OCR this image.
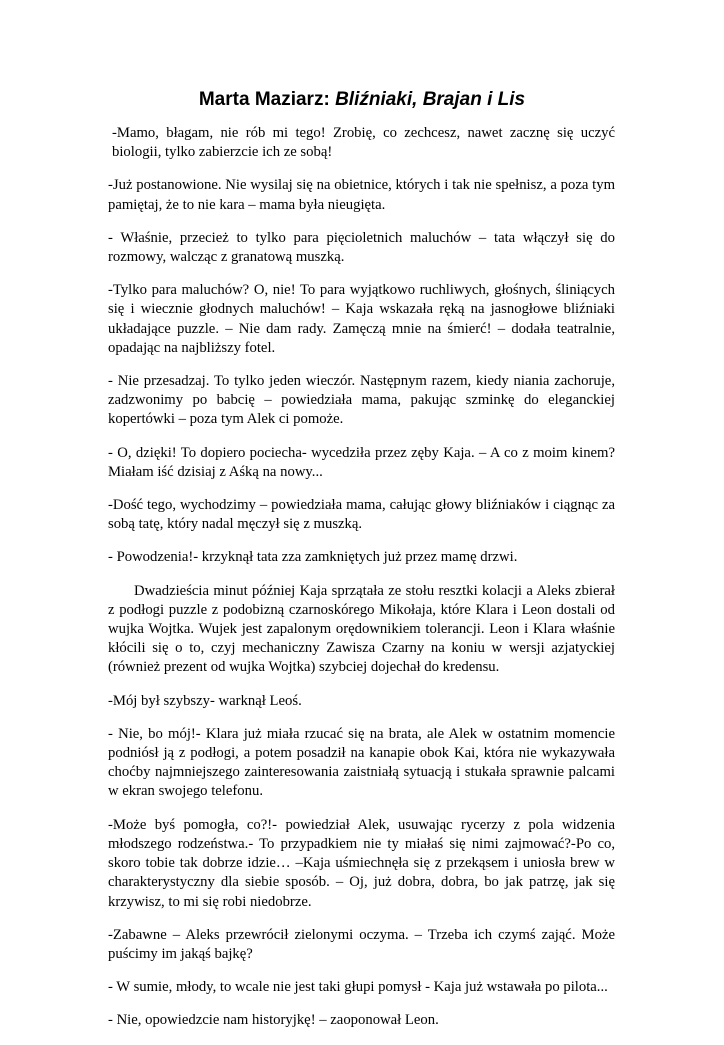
Marta Maziarz: Bliźniaki, Brajan i Lis

-Mamo, błagam, nie rób mi tego! Zrobię, co zechcesz, nawet zacznę się uczyć biologii, tylko zabierzcie ich ze sobą!

-Już postanowione. Nie wysilaj się na obietnice, których i tak nie spełnisz, a poza tym pamiętaj, że to nie kara – mama była nieugięta.

- Właśnie, przecież to tylko para pięcioletnich maluchów – tata włączył się do rozmowy, walcząc z granatową muszką.

-Tylko para maluchów? O, nie! To para wyjątkowo ruchliwych, głośnych, śliniących się i wiecznie głodnych maluchów! – Kaja wskazała ręką na jasnogłowe bliźniaki układające puzzle. – Nie dam rady. Zamęczą mnie na śmierć! – dodała teatralnie, opadając na najbliższy fotel.

- Nie przesadzaj. To tylko jeden wieczór. Następnym razem, kiedy niania zachoruje, zadzwonimy po babcię – powiedziała mama, pakując szminkę do eleganckiej kopertówki – poza tym Alek ci pomoże.

- O, dzięki! To dopiero pociecha- wycedziła przez zęby Kaja. – A co z moim kinem? Miałam iść dzisiaj z Aśką na nowy...

-Dość tego, wychodzimy – powiedziała mama, całując głowy bliźniaków i ciągnąc za sobą tatę, który nadal męczył się z muszką.

- Powodzenia!- krzyknął tata zza zamkniętych już przez mamę drzwi.

Dwadzieścia minut później Kaja sprzątała ze stołu resztki kolacji a Aleks zbierał z podłogi puzzle z podobizną czarnoskórego Mikołaja, które Klara i Leon dostali od wujka Wojtka. Wujek jest zapalonym orędownikiem tolerancji. Leon i Klara właśnie kłócili się o to, czyj mechaniczny Zawisza Czarny na koniu w wersji azjatyckiej (również prezent od wujka Wojtka) szybciej dojechał do kredensu.

-Mój był szybszy- warknął Leoś.

- Nie, bo mój!- Klara już miała rzucać się na brata, ale Alek w ostatnim momencie podniósł ją z podłogi, a potem posadził na kanapie obok Kai, która nie wykazywała choćby najmniejszego zainteresowania zaistniałą sytuacją i stukała sprawnie palcami w ekran swojego telefonu.

-Może byś pomogła, co?!- powiedział Alek, usuwając rycerzy z pola widzenia młodszego rodzeństwa.- To przypadkiem nie ty miałaś się nimi zajmować?-Po co, skoro tobie tak dobrze idzie… –Kaja uśmiechnęła się z przekąsem i uniosła brew w charakterystyczny dla siebie sposób. – Oj, już dobra, dobra, bo jak patrzę, jak się krzywisz, to mi się robi niedobrze.

-Zabawne – Aleks przewrócił zielonymi oczyma. – Trzeba ich czymś zająć. Może puścimy im jakąś bajkę?

- W sumie, młody, to wcale nie jest taki głupi pomysł - Kaja już wstawała po pilota...

- Nie, opowiedzcie nam historyjkę! – zaoponował Leon.
